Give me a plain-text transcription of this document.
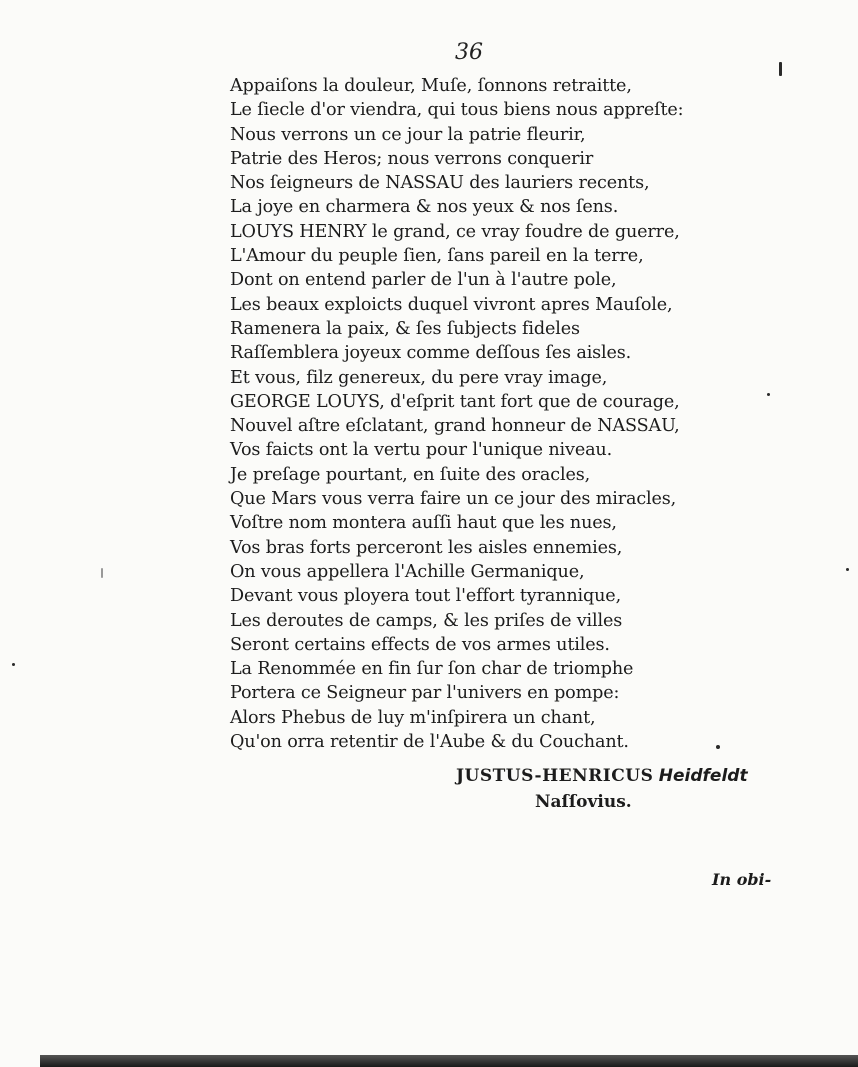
36
Appaiſons la douleur, Muſe, ſonnons retraitte,
Le ſiecle d'or viendra, qui tous biens nous appreſte:
Nous verrons un ce jour la patrie fleurir,
Patrie des Heros; nous verrons conquerir
Nos ſeigneurs de NASSAU des lauriers recents,
La joye en charmera & nos yeux & nos ſens.
LOUYS HENRY le grand, ce vray foudre de guerre,
L'Amour du peuple ſien, ſans pareil en la terre,
Dont on entend parler de l'un à l'autre pole,
Les beaux exploicts duquel vivront apres Mauſole,
Ramenera la paix, & ſes ſubjects fideles
Raſſemblera joyeux comme deſſous ſes aisles.
Et vous, filz genereux, du pere vray image,
GEORGE LOUYS, d'eſprit tant fort que de courage,
Nouvel aſtre eſclatant, grand honneur de NASSAU,
Vos faicts ont la vertu pour l'unique niveau.
Je preſage pourtant, en ſuite des oracles,
Que Mars vous verra faire un ce jour des miracles,
Voſtre nom montera auſſi haut que les nues,
Vos bras forts perceront les aisles ennemies,
On vous appellera l'Achille Germanique,
Devant vous ployera tout l'effort tyrannique,
Les deroutes de camps, & les priſes de villes
Seront certains effects de vos armes utiles.
La Renommée en fin ſur ſon char de triomphe
Portera ce Seigneur par l'univers en pompe:
Alors Phebus de luy m'inſpirera un chant,
Qu'on orra retentir de l'Aube & du Couchant.
JUSTUS-HENRICUS Heidfeldt
Naſſovius.
In obi-
